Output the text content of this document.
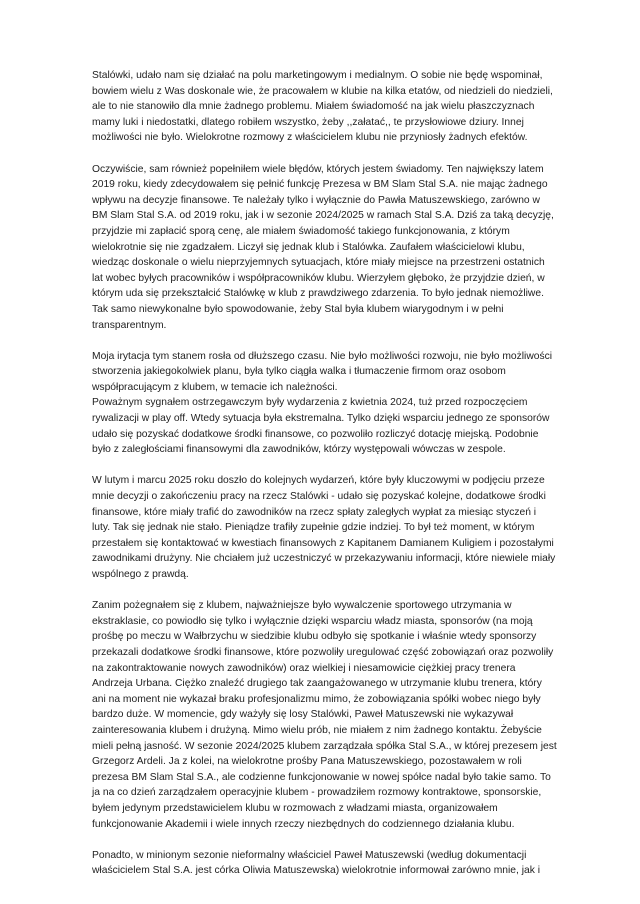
Stalówki, udało nam się działać na polu marketingowym i medialnym. O sobie nie będę wspominał,
bowiem wielu z Was doskonale wie, że pracowałem w klubie na kilka etatów, od niedzieli do niedzieli,
ale to nie stanowiło dla mnie żadnego problemu. Miałem świadomość na jak wielu płaszczyznach
mamy luki i niedostatki, dlatego robiłem wszystko, żeby ,,załatać,, te przysłowiowe dziury. Innej
możliwości nie było. Wielokrotne rozmowy z właścicielem klubu nie przyniosły żadnych efektów.
Oczywiście, sam również popełniłem wiele błędów, których jestem świadomy. Ten największy latem
2019 roku, kiedy zdecydowałem się pełnić funkcję Prezesa w BM Slam Stal S.A. nie mając żadnego
wpływu na decyzje finansowe. Te należały tylko i wyłącznie do Pawła Matuszewskiego, zarówno w
BM Slam Stal S.A. od 2019 roku, jak i w sezonie 2024/2025 w ramach Stal S.A. Dziś za taką decyzję,
przyjdzie mi zapłacić sporą cenę, ale miałem świadomość takiego funkcjonowania, z którym
wielokrotnie się nie zgadzałem. Liczył się jednak klub i Stalówka. Zaufałem właścicielowi klubu,
wiedząc doskonale o wielu nieprzyjemnych sytuacjach, które miały miejsce na przestrzeni ostatnich
lat wobec byłych pracowników i współpracowników klubu. Wierzyłem głęboko, że przyjdzie dzień, w
którym uda się przekształcić Stalówkę w klub z prawdziwego zdarzenia. To było jednak niemożliwe.
Tak samo niewykonalne było spowodowanie, żeby Stal była klubem wiarygodnym i w pełni
transparentnym.
Moja irytacja tym stanem rosła od dłuższego czasu. Nie było możliwości rozwoju, nie było możliwości
stworzenia jakiegokolwiek planu, była tylko ciągła walka i tłumaczenie firmom oraz osobom
współpracującym z klubem, w temacie ich należności.
Poważnym sygnałem ostrzegawczym były wydarzenia z kwietnia 2024, tuż przed rozpoczęciem
rywalizacji w play off. Wtedy sytuacja była ekstremalna. Tylko dzięki wsparciu jednego ze sponsorów
udało się pozyskać dodatkowe środki finansowe, co pozwoliło rozliczyć dotację miejską. Podobnie
było z zaległościami finansowymi dla zawodników, którzy występowali wówczas w zespole.
W lutym i marcu 2025 roku doszło do kolejnych wydarzeń, które były kluczowymi w podjęciu przeze
mnie decyzji o zakończeniu pracy na rzecz Stalówki - udało się pozyskać kolejne, dodatkowe środki
finansowe, które miały trafić do zawodników na rzecz spłaty zaległych wypłat za miesiąc styczeń i
luty. Tak się jednak nie stało. Pieniądze trafiły zupełnie gdzie indziej. To był też moment, w którym
przestałem się kontaktować w kwestiach finansowych z Kapitanem Damianem Kuligiem i pozostałymi
zawodnikami drużyny. Nie chciałem już uczestniczyć w przekazywaniu informacji, które niewiele miały
wspólnego z prawdą.
Zanim pożegnałem się z klubem, najważniejsze było wywalczenie sportowego utrzymania w
ekstraklasie, co powiodło się tylko i wyłącznie dzięki wsparciu władz miasta, sponsorów (na moją
prośbę po meczu w Wałbrzychu w siedzibie klubu odbyło się spotkanie i właśnie wtedy sponsorzy
przekazali dodatkowe środki finansowe, które pozwoliły uregulować część zobowiązań oraz pozwoliły
na zakontraktowanie nowych zawodników) oraz wielkiej i niesamowicie ciężkiej pracy trenera
Andrzeja Urbana. Ciężko znaleźć drugiego tak zaangażowanego w utrzymanie klubu trenera, który
ani na moment nie wykazał braku profesjonalizmu mimo, że zobowiązania spółki wobec niego były
bardzo duże. W momencie, gdy ważyły się losy Stalówki, Paweł Matuszewski nie wykazywał
zainteresowania klubem i drużyną. Mimo wielu prób, nie miałem z nim żadnego kontaktu. Żebyście
mieli pełną jasność. W sezonie 2024/2025 klubem zarządzała spółka Stal S.A., w której prezesem jest
Grzegorz Ardeli. Ja z kolei, na wielokrotne prośby Pana Matuszewskiego, pozostawałem w roli
prezesa BM Slam Stal S.A., ale codzienne funkcjonowanie w nowej spółce nadal było takie samo. To
ja na co dzień zarządzałem operacyjnie klubem - prowadziłem rozmowy kontraktowe, sponsorskie,
byłem jedynym przedstawicielem klubu w rozmowach z władzami miasta, organizowałem
funkcjonowanie Akademii i wiele innych rzeczy niezbędnych do codziennego działania klubu.
Ponadto, w minionym sezonie nieformalny właściciel Paweł Matuszewski (według dokumentacji
właścicielem Stal S.A. jest córka Oliwia Matuszewska) wielokrotnie informował zarówno mnie, jak i
